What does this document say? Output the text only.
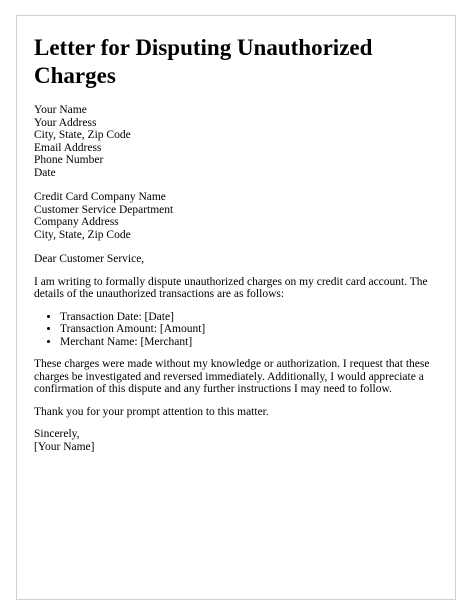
Letter for Disputing Unauthorized Charges
Your Name
Your Address
City, State, Zip Code
Email Address
Phone Number
Date
Credit Card Company Name
Customer Service Department
Company Address
City, State, Zip Code

Dear Customer Service,

I am writing to formally dispute unauthorized charges on my credit card account. The details of the unauthorized transactions are as follows:

• Transaction Date: [Date]
• Transaction Amount: [Amount]
• Merchant Name: [Merchant]

These charges were made without my knowledge or authorization. I request that these charges be investigated and reversed immediately. Additionally, I would appreciate a confirmation of this dispute and any further instructions I may need to follow.

Thank you for your prompt attention to this matter.

Sincerely,
[Your Name]
